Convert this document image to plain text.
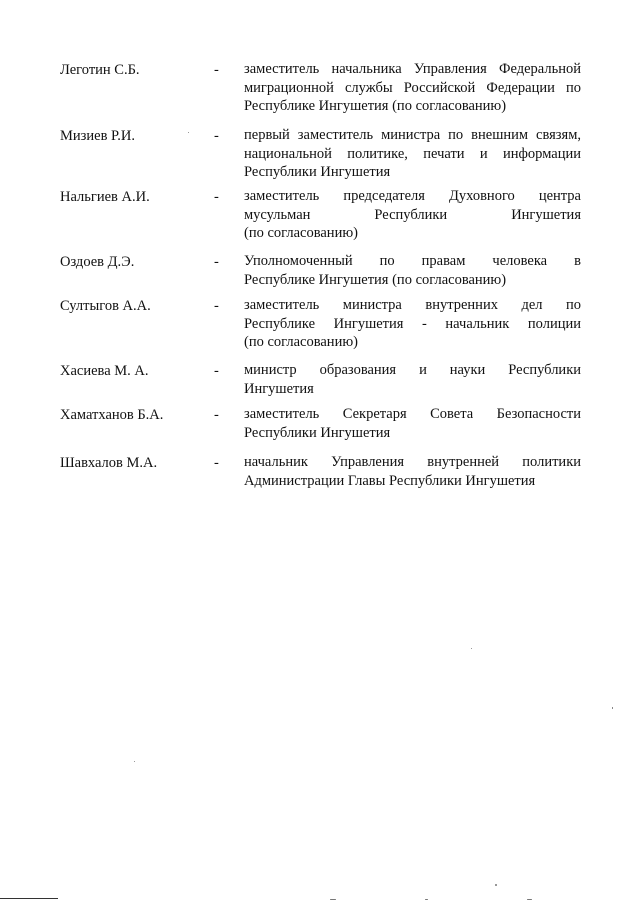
Леготин С.Б.	- заместитель начальника Управления Федеральной
миграционной службы Российской Федерации по
Республике Ингушетия (по согласованию)
Мизиев Р.И.	- первый заместитель министра по внешним связям,
национальной политике, печати и информации
Республики Ингушетия
Нальгиев А.И.	- заместитель председателя Духовного центра
мусульман Республики Ингушетия
(по согласованию)
Оздоев Д.Э.	- Уполномоченный по правам человека в
Республике Ингушетия (по согласованию)
Султыгов А.А.	- заместитель министра внутренних дел по
Республике Ингушетия - начальник полиции
(по согласованию)
Хасиева М. А.	- министр образования и науки Республики
Ингушетия
Хаматханов Б.А.	- заместитель Секретаря Совета Безопасности
Республики Ингушетия
Шавхалов М.А.	- начальник Управления внутренней политики
Администрации Главы Республики Ингушетия
